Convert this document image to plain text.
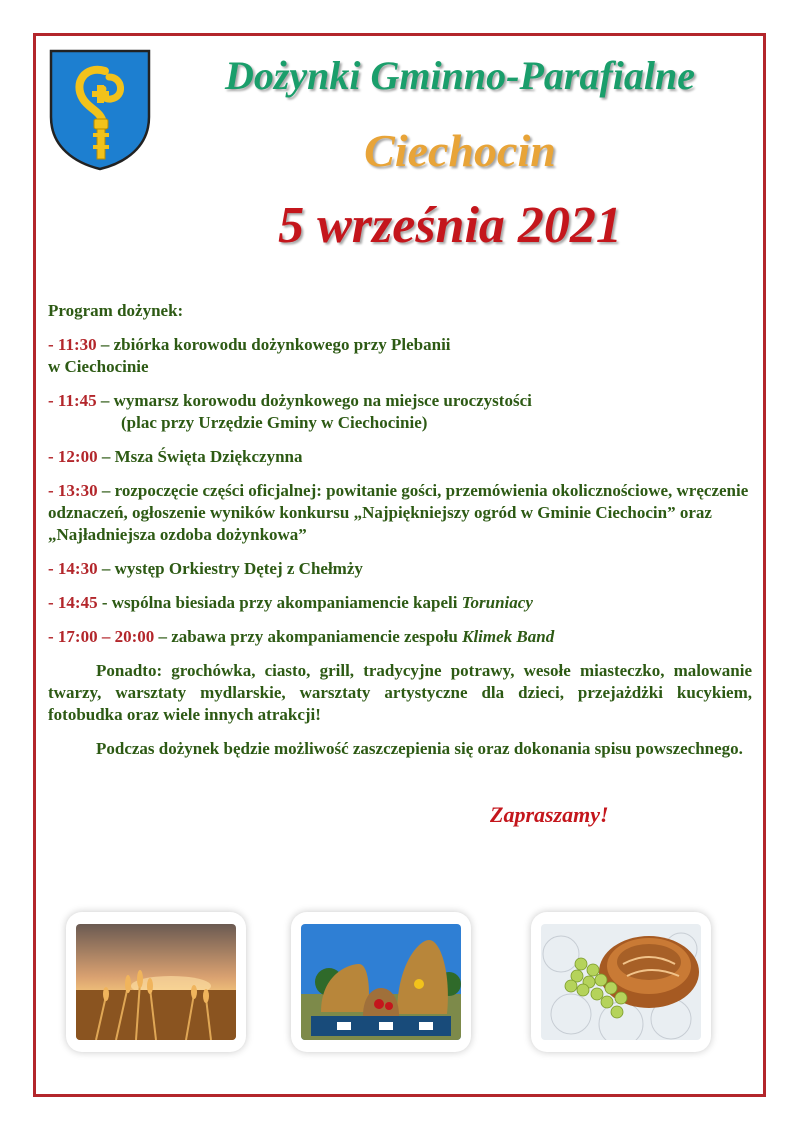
Dożynki Gminno-Parafialne
Ciechocin
5 września 2021

Program dożynek:

- 11:30 – zbiórka korowodu dożynkowego przy Plebanii
w Ciechocinie

- 11:45 – wymarsz korowodu dożynkowego na miejsce uroczystości
(plac przy Urzędzie Gminy w Ciechocinie)

- 12:00 – Msza Święta Dziękczynna

- 13:30 – rozpoczęcie części oficjalnej: powitanie gości, przemówienia okolicznościowe, wręczenie odznaczeń, ogłoszenie wyników konkursu „Najpiękniejszy ogród w Gminie Ciechocin” oraz „Najładniejsza ozdoba dożynkowa”

- 14:30 – występ Orkiestry Dętej z Chełmży

- 14:45 - wspólna biesiada przy akompaniamencie kapeli Toruniacy

- 17:00 – 20:00 – zabawa przy akompaniamencie zespołu Klimek Band

Ponadto: grochówka, ciasto, grill, tradycyjne potrawy, wesołe miasteczko, malowanie twarzy, warsztaty mydlarskie, warsztaty artystyczne dla dzieci, przejażdżki kucykiem, fotobudka oraz wiele innych atrakcji!

Podczas dożynek będzie możliwość zaszczepienia się oraz dokonania spisu powszechnego.

Zapraszamy!
